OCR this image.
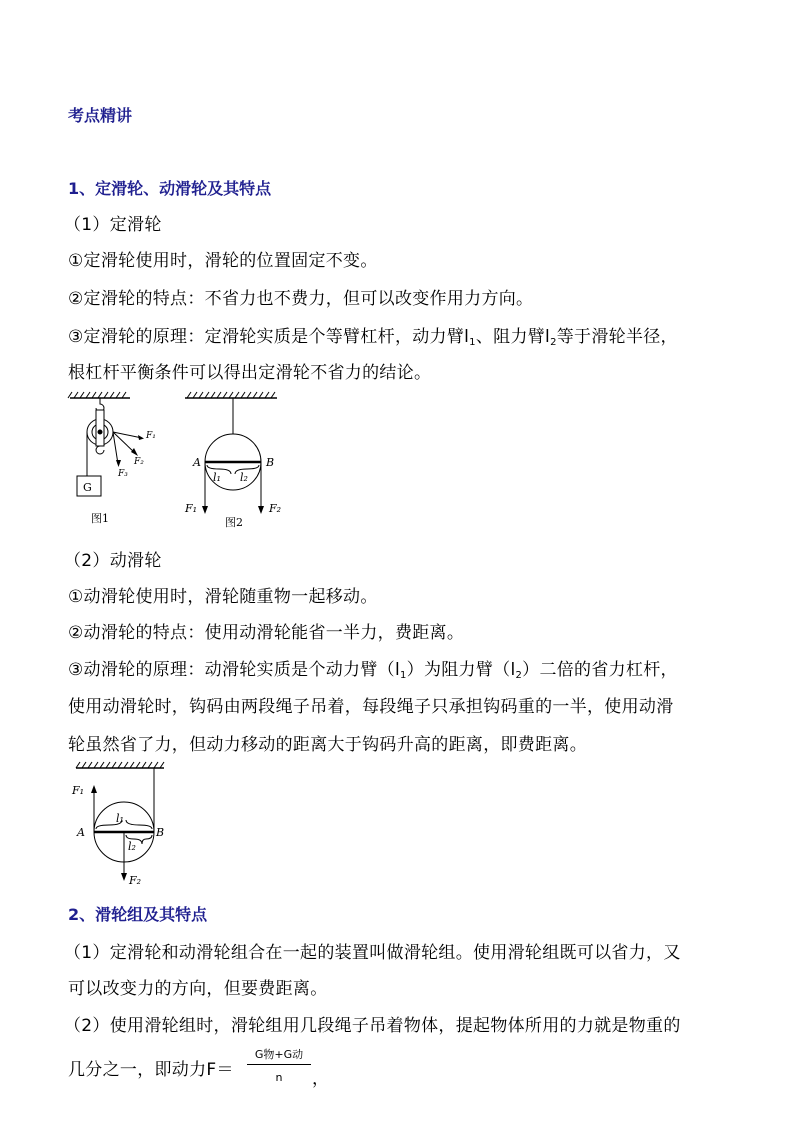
考点精讲
1、定滑轮、动滑轮及其特点
（1）定滑轮
①定滑轮使用时，滑轮的位置固定不变。
②定滑轮的特点：不省力也不费力，但可以改变作用力方向。
③定滑轮的原理：定滑轮实质是个等臂杠杆，动力臂$l_1$、阻力臂$l_2$等于滑轮半径，
根杠杆平衡条件可以得出定滑轮不省力的结论。
F₁
F₂
F₃
G
图1
A	B
l₁ l₂
F₁	F₂
图2
（2）动滑轮
①动滑轮使用时，滑轮随重物一起移动。
②动滑轮的特点：使用动滑轮能省一半力，费距离。
③动滑轮的原理：动滑轮实质是个动力臂$(l_1)$为阻力臂$(l_2)$二倍的省力杠杆，
使用动滑轮时，钩码由两段绳子吊着，每段绳子只承担钩码重的一半，使用动滑
轮虽然省了力，但动力移动的距离大于钩码升高的距离，即费距离。
F₁
A	B
l₁
l₂
F₂
2、滑轮组及其特点
（1）定滑轮和动滑轮组合在一起的装置叫做滑轮组。使用滑轮组既可以省力，又
可以改变力的方向，但要费距离。
（2）使用滑轮组时，滑轮组用几段绳子吊着物体，提起物体所用的力就是物重的
几分之一，即动力F＝
G物+G动
n	，
